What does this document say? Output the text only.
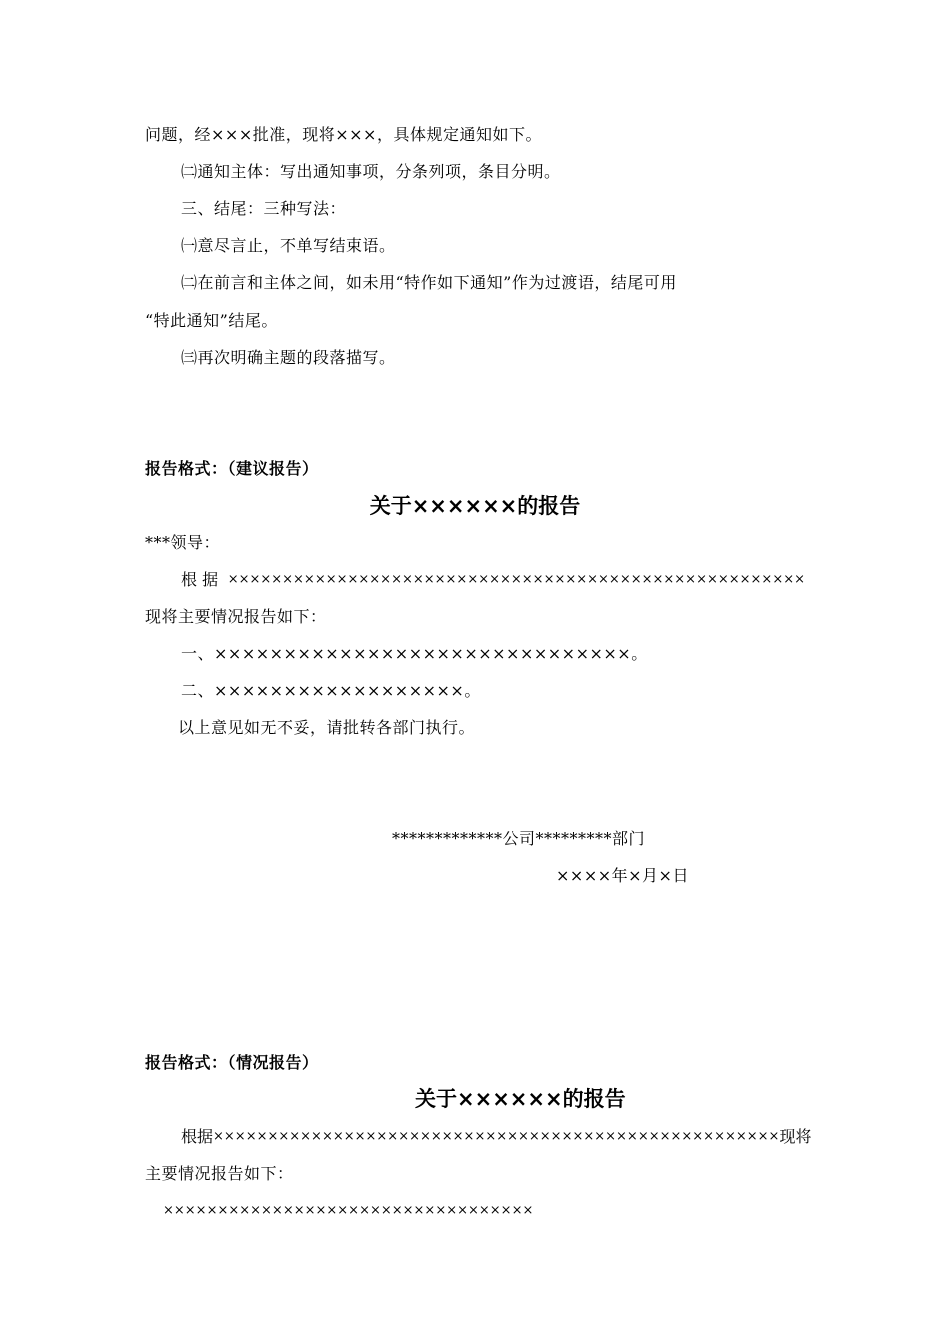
问题，经×××批准，现将×××，具体规定通知如下。
㈡通知主体：写出通知事项，分条列项，条目分明。
三、结尾：三种写法：
㈠意尽言止，不单写结束语。
㈡在前言和主体之间，如未用“特作如下通知”作为过渡语，结尾可用
“特此通知”结尾。
㈢再次明确主题的段落描写。
报告格式：（建议报告）
关于××××××的报告
***领导：
根 据 ×××××××××××××××××××××××××××××××××××××××××××××××××××××
现将主要情况报告如下：
一、××××××××××××××××××××××××××××××。
二、××××××××××××××××××。
以上意见如无不妥，请批转各部门执行。
*************公司*********部门
××××年×月×日
报告格式：（情况报告）
关于××××××的报告
根据 ×××××××××××××××××××××××××××××××××××××××××××××××××××× 现将
主要情况报告如下：
××××××××××××××××××××××××××××××××××
